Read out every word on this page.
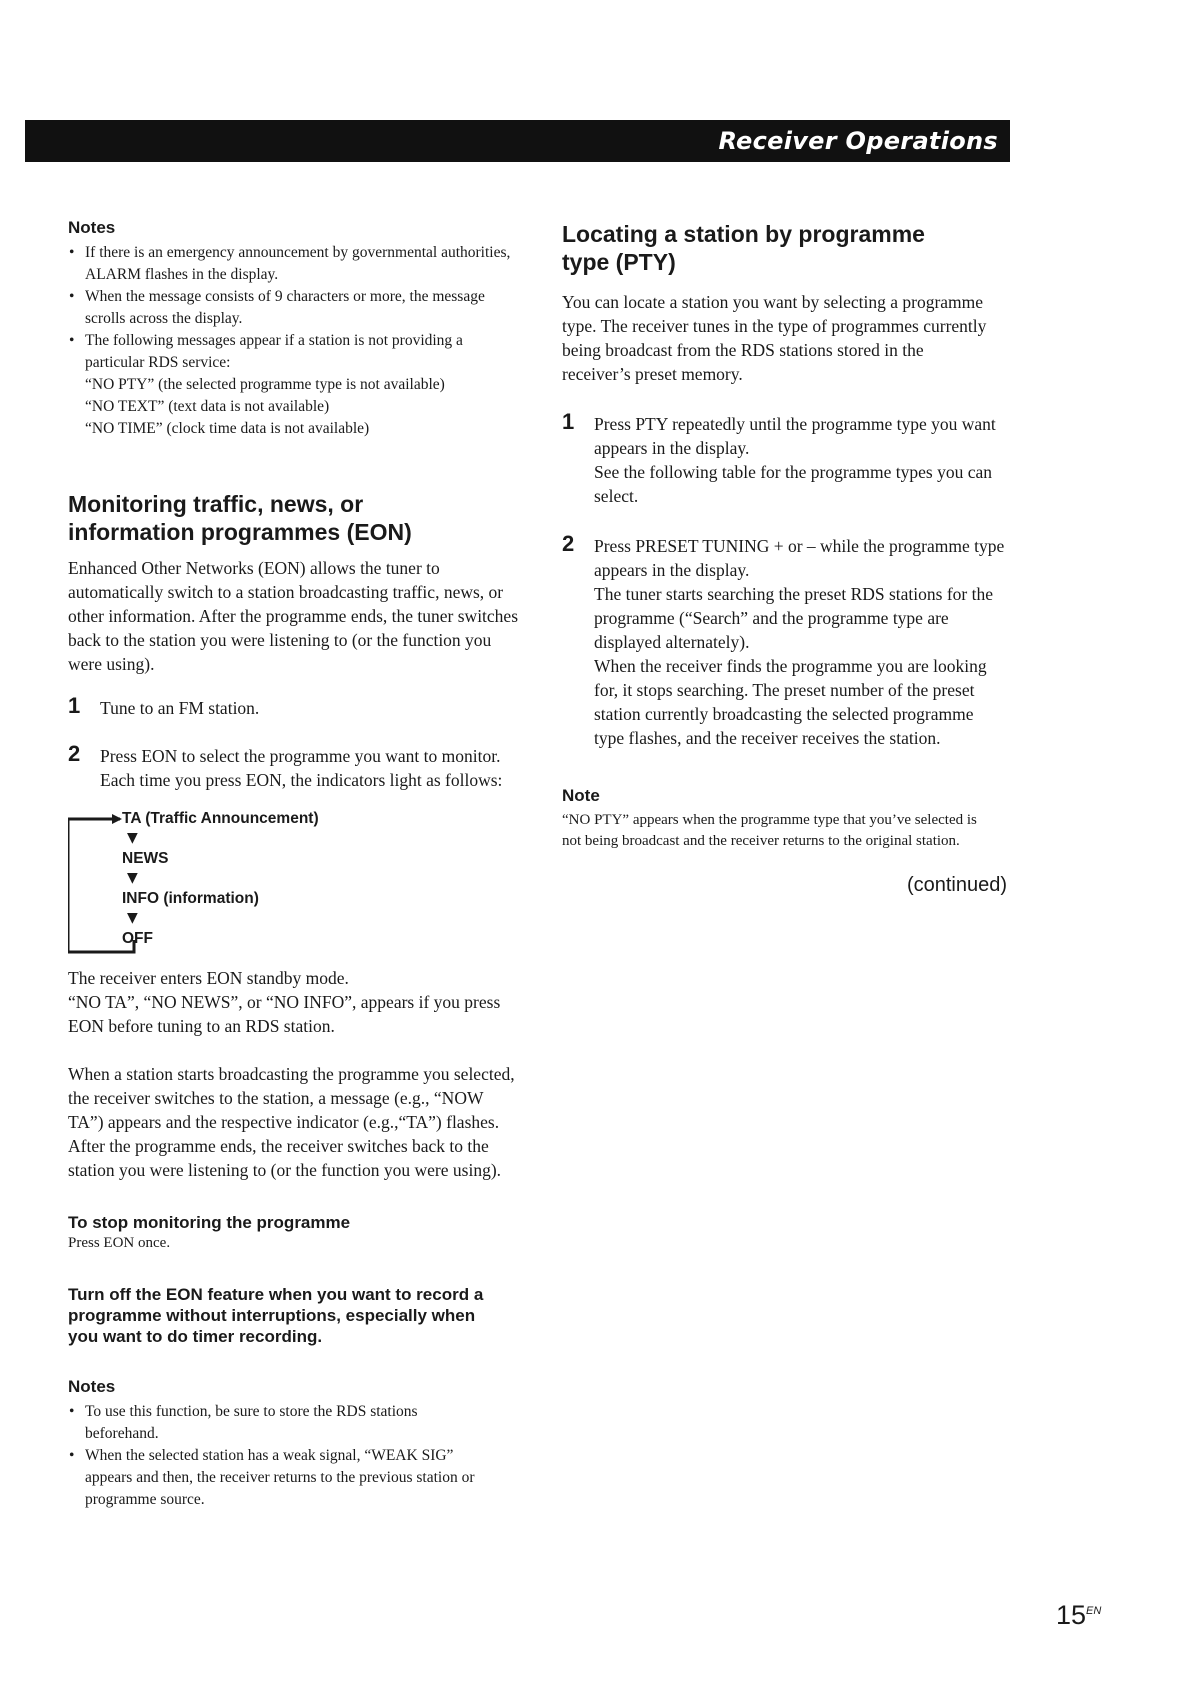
Receiver Operations

Notes

• If there is an emergency announcement by governmental authorities, ALARM flashes in the display.
• When the message consists of 9 characters or more, the message scrolls across the display.
• The following messages appear if a station is not providing a particular RDS service:
“NO PTY” (the selected programme type is not available)
“NO TEXT” (text data is not available)
“NO TIME” (clock time data is not available)
Monitoring traffic, news, or information programmes (EON)

Enhanced Other Networks (EON) allows the tuner to automatically switch to a station broadcasting traffic, news, or other information. After the programme ends, the tuner switches back to the station you were listening to (or the function you were using).

1 Tune to an FM station.
2 Press EON to select the programme you want to monitor.
Each time you press EON, the indicators light as follows:
TA (Traffic Announcement)
▼
NEWS
▼
INFO (information)
▼
OFF

The receiver enters EON standby mode.

“NO TA”, “NO NEWS”, or “NO INFO”, appears if you press EON before tuning to an RDS station.

When a station starts broadcasting the programme you selected, the receiver switches to the station, a message (e.g., “NOW TA”) appears and the respective indicator (e.g.,“TA”) flashes. After the programme ends, the receiver switches back to the station you were listening to (or the function you were using).

To stop monitoring the programme

Press EON once.

Turn off the EON feature when you want to record a programme without interruptions, especially when you want to do timer recording.

Notes

• To use this function, be sure to store the RDS stations beforehand.
• When the selected station has a weak signal, “WEAK SIG” appears and then, the receiver returns to the previous station or programme source.
Locating a station by programme type (PTY)

You can locate a station you want by selecting a programme type. The receiver tunes in the type of programmes currently being broadcast from the RDS stations stored in the receiver’s preset memory.

1 Press PTY repeatedly until the programme type you want appears in the display.
See the following table for the programme types you can select.
2 Press PRESET TUNING + or – while the programme type appears in the display.
The tuner starts searching the preset RDS stations for the programme (“Search” and the programme type are displayed alternately).
When the receiver finds the programme you are looking for, it stops searching. The preset number of the preset station currently broadcasting the selected programme type flashes, and the receiver receives the station.

Note

“NO PTY” appears when the programme type that you’ve selected is not being broadcast and the receiver returns to the original station.

(continued)
$15^{EN}$
